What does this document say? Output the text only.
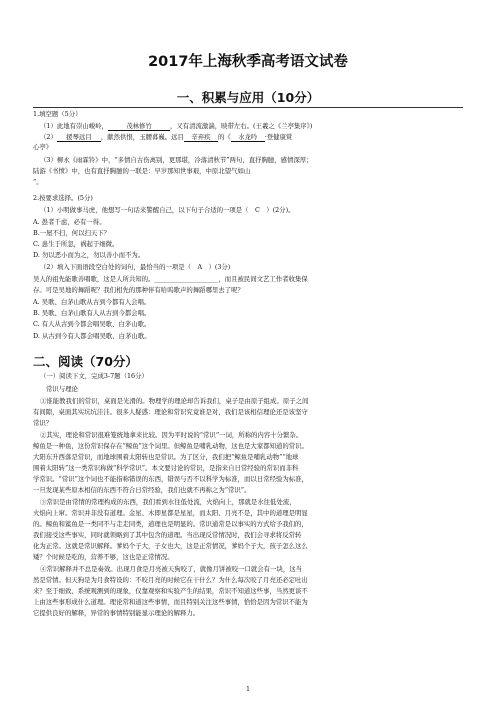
2017年上海秋季高考语文试卷
一、积累与应用（10分）
1.填空题（5分）
（1）此地有崇山峻岭，	茂林修竹	，又有清流激湍，映带左右。(王羲之《兰亭集序》)
（2） 援琴远目 ，献然供恨，玉腰暮巍。远目 辛弃疾 的《 水龙吟 ·登健康赏
心亭》
（3）柳永《雨霖铃》中，“多情自古伤离别，更那堪，冷落清秋节”两句，直抒胸臆，感情深厚；
陆游《书愤》中，也有直抒胸臆的一联是：早岁那知世事艰，中原北望气如山
”。
2.按要求选择。(5分)
（1）小明做事马虎，他想写一句话来警醒自己，以下句子合适的一项是（　C　）(2分)。
A. 愚者千虑，必有一得。
B.一屋不扫，何以扫天下？
C. 患生于所忽，祸起于细微。
D. 勿以恶小而为之，勿以善小而不为。
（2）填入下面语段空白处的词句，最恰当的一项是（　A　）(3分)
吴人的祖先能歌善唱歌，这是人所共知的。____________________，而且被民间文艺工作者收集保
存。可是吴地的舞蹈呢？我们相先的那种伴有哈呜歌声的舞蹈哪里去了呢？
A. 吴歌、白茅山歌从古到今都有人会唱。
B. 吴歌、白茅山歌有人从古到今都会唱。
C. 有人从古到今都会唱吴歌、白茅山歌。
D. 从古到今有人都会唱吴歌、白茅山歌。
二、阅读（70分）
（一）阅读下文，完成3-7题（16分）
常识与理论
①谁能教我们的常识，桌面是光滑的。物理学的理论却告诉我们，桌子是由原子组成。原子之间
有间隙，桌面其实坑坑洼洼。很多人疑惑：理论和常识究竟谁是对，我们是该相信理论还是该坚守
常识？
②其实，理论和常识很难笼统地拿来比较。因为平时说的“常识”一词，所称的内容十分繁杂。
鲸鱼是一种鱼，这份常识保存在“鲸鱼”这个词里。但鲸鱼是哺乳动物，这也是大家都知道的常识。
大阳东升西落是常识，而地球围着太阳转也是常识。为了区分，我们把“鲸鱼是哺乳动物”“地球
围着太阳转”这一类常识称做“科学常识”。本文要讨论的常识，是指来自日常经验的常识而非科
学常识。“常识”这个词也不能指称错误的东西，错误与否不以科学为标准，而以日常经验为标准，
一旦发现某些原本相信的东西不符合日常经验，我们也就不再称之为“常识”。
③常识是由常情的常理构成的东西，我们看到水往低处流，火焰向上，那就是水往低处流，
火焰向上窜。常识并非没有道理。金星、木即星都是星星，而太阳、月亮不是，其中的道理是明显
的。鲸鱼和鲨鱼是一类同不与走走同类，道理也是明显的。常识通常是以事实的方式给予我们的，
我们接受这些事实，同时就领略到了其中包含的道理。当出现反常情况时，我们会寻求将反常转
化为正常。这就是常识解释。爹妈个子大，子女也大，这是正常情况，爹妈个子大，孩子怎么这么
矮？个时候是吃的，营养不够，这也是正常情况。
④常识解释并不总是奏效。出现月食是月亮被天狗咬了，就像月饼被咬一口就会有一块，这当
然是常情。但天狗是为月食特设的：不咬月亮的时候它在干什么？为什么每次咬了月亮还必定吐出
来？至于细致、系统观测到的现象，仅靠观察和实验产生的结果，常识不知道这些事，当然更谈不
上由这些事形成什么道理。理论常和道这些事情，而且特别关注这些事情，恰恰是因为常识不能为
它提供良好的解释，异常的事情特别能显示理论的解释力。
1
